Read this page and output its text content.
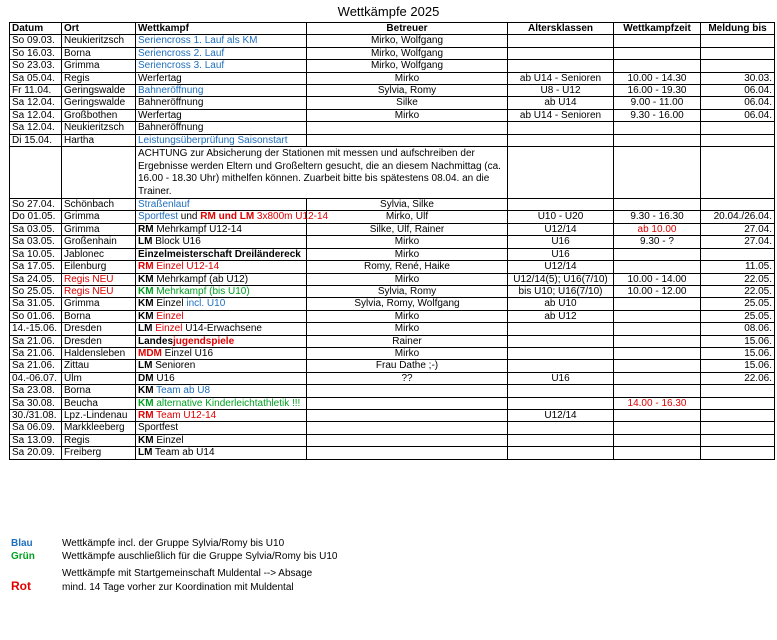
Wettkämpfe 2025
Datum	Ort	Wettkampf	Betreuer	Altersklassen	Wettkampfzeit	Meldung bis
So 09.03.	Neukieritzsch	Seriencross 1. Lauf als KM	Mirko, Wolfgang			
So 16.03.	Borna	Seriencross 2. Lauf	Mirko, Wolfgang			
So 23.03.	Grimma	Seriencross 3. Lauf	Mirko, Wolfgang			
Sa 05.04.	Regis	Werfertag	Mirko	ab U14 - Senioren	10.00 - 14.30	30.03.
Fr 11.04.	Geringswalde	Bahneröffnung	Sylvia, Romy	U8 - U12	16.00 - 19.30	06.04.
Sa 12.04.	Geringswalde	Bahneröffnung	Silke	ab U14	9.00 - 11.00	06.04.
Sa 12.04.	Großbothen	Werfertag	Mirko	ab U14 - Senioren	9.30 - 16.00	06.04.
Sa 12.04.	Neukieritzsch	Bahneröffnung				
Di 15.04.	Hartha	Leistungsüberprüfung Saisonstart				
		ACHTUNG zur Absicherung der Stationen mit messen und aufschreiben der Ergebnisse werden Eltern und Großeltern gesucht, die an diesem Nachmittag (ca. 16.00 - 18.30 Uhr) mithelfen können. Zuarbeit bitte bis spätestens 08.04. an die Trainer.				
So 27.04.	Schönbach	Straßenlauf	Sylvia, Silke			
Do 01.05.	Grimma	Sportfest und RM und LM 3x800m U12-14	Mirko, Ulf	U10 - U20	9.30 - 16.30	20.04./26.04.
Sa 03.05.	Grimma	RM Mehrkampf U12-14	Silke, Ulf, Rainer	U12/14	ab 10.00	27.04.
Sa 03.05.	Großenhain	LM Block U16	Mirko	U16	9.30 - ?	27.04.
Sa 10.05.	Jablonec	Einzelmeisterschaft Dreiländereck	Mirko	U16		
Sa 17.05.	Eilenburg	RM Einzel U12-14	Romy, René, Haike	U12/14		11.05.
Sa 24.05.	Regis NEU	KM Mehrkampf (ab U12)	Mirko	U12/14(5); U16(7/10)	10.00 - 14.00	22.05.
So 25.05.	Regis NEU	KM Mehrkampf (bis U10)	Sylvia, Romy	bis U10; U16(7/10)	10.00 - 12.00	22.05.
Sa 31.05.	Grimma	KM Einzel incl. U10	Sylvia, Romy, Wolfgang	ab U10		25.05.
So 01.06.	Borna	KM Einzel	Mirko	ab U12		25.05.
14.-15.06.	Dresden	LM Einzel U14-Erwachsene	Mirko			08.06.
Sa 21.06.	Dresden	Landesjugendspiele	Rainer			15.06.
Sa 21.06.	Haldensleben	MDM Einzel U16	Mirko			15.06.
Sa 21.06.	Zittau	LM Senioren	Frau Dathe ;-)			15.06.
04.-06.07.	Ulm	DM U16	??	U16		22.06.
Sa 23.08.	Borna	KM Team ab U8				
Sa 30.08.	Beucha	KM alternative Kinderleichtathletik !!!			14.00 - 16.30	
30./31.08.	Lpz.-Lindenau	RM Team U12-14		U12/14		
Sa 06.09.	Markkleeberg	Sportfest				
Sa 13.09.	Regis	KM Einzel				
Sa 20.09.	Freiberg	LM Team ab U14				
Blau	Wettkämpfe incl. der Gruppe Sylvia/Romy bis U10
Grün	Wettkämpfe auschließlich für die Gruppe Sylvia/Romy bis U10
Wettkämpfe mit Startgemeinschaft Muldental --> Absage
Rot	mind. 14 Tage vorher zur Koordination mit Muldental
